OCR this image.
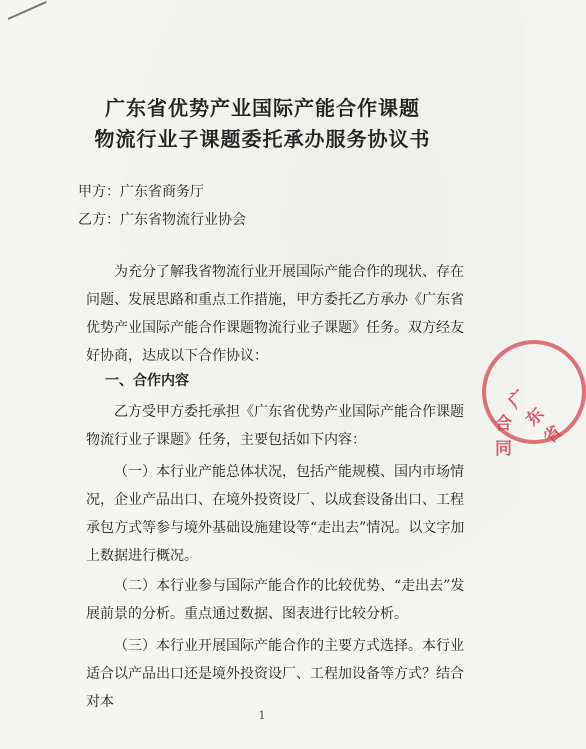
广东省优势产业国际产能合作课题
物流行业子课题委托承办服务协议书
甲方：广东省商务厅
乙方：广东省物流行业协会
为充分了解我省物流行业开展国际产能合作的现状、存在问题、发展思路和重点工作措施，甲方委托乙方承办《广东省优势产业国际产能合作课题物流行业子课题》任务。双方经友好协商，达成以下合作协议：
一、合作内容
乙方受甲方委托承担《广东省优势产业国际产能合作课题物流行业子课题》任务，主要包括如下内容：
（一）本行业产能总体状况，包括产能规模、国内市场情况，企业产品出口、在境外投资设厂、以成套设备出口、工程承包方式等参与境外基础设施建设等“走出去”情况。以文字加上数据进行概况。
（二）本行业参与国际产能合作的比较优势、“走出去”发展前景的分析。重点通过数据、图表进行比较分析。
（三）本行业开展国际产能合作的主要方式选择。本行业适合以产品出口还是境外投资设厂、工程加设备等方式？结合对本
广东省
合同
1
